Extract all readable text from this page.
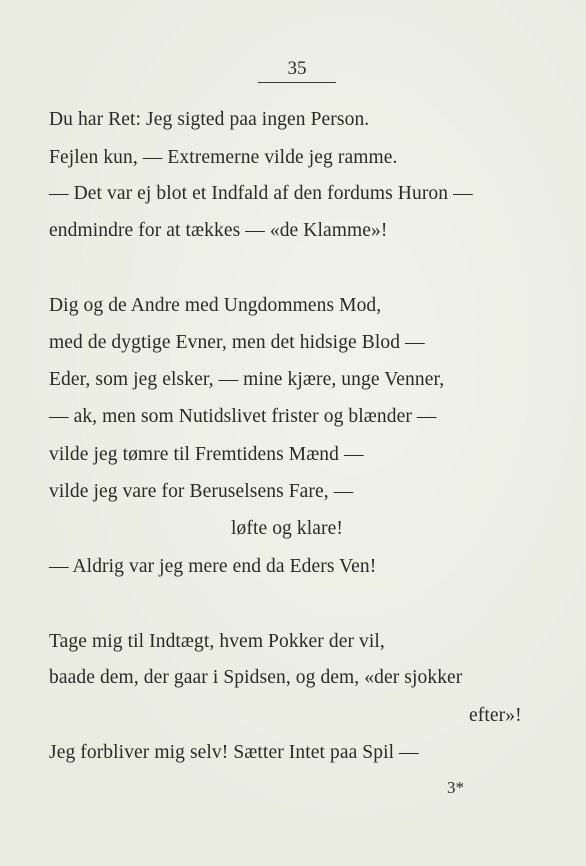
35
Du har Ret: Jeg sigted paa ingen Person.
Fejlen kun, — Extremerne vilde jeg ramme.
— Det var ej blot et Indfald af den fordums Huron —
endmindre for at tækkes — «de Klamme»!
Dig og de Andre med Ungdommens Mod,
med de dygtige Evner, men det hidsige Blod —
Eder, som jeg elsker, — mine kjære, unge Venner,
— ak, men som Nutidslivet frister og blænder —
vilde jeg tømre til Fremtidens Mænd —
vilde jeg vare for Beruselsens Fare, —
løfte og klare!
— Aldrig var jeg mere end da Eders Ven!
Tage mig til Indtægt, hvem Pokker der vil,
baade dem, der gaar i Spidsen, og dem, «der sjokker
efter»!
Jeg forbliver mig selv! Sætter Intet paa Spil —
3*
